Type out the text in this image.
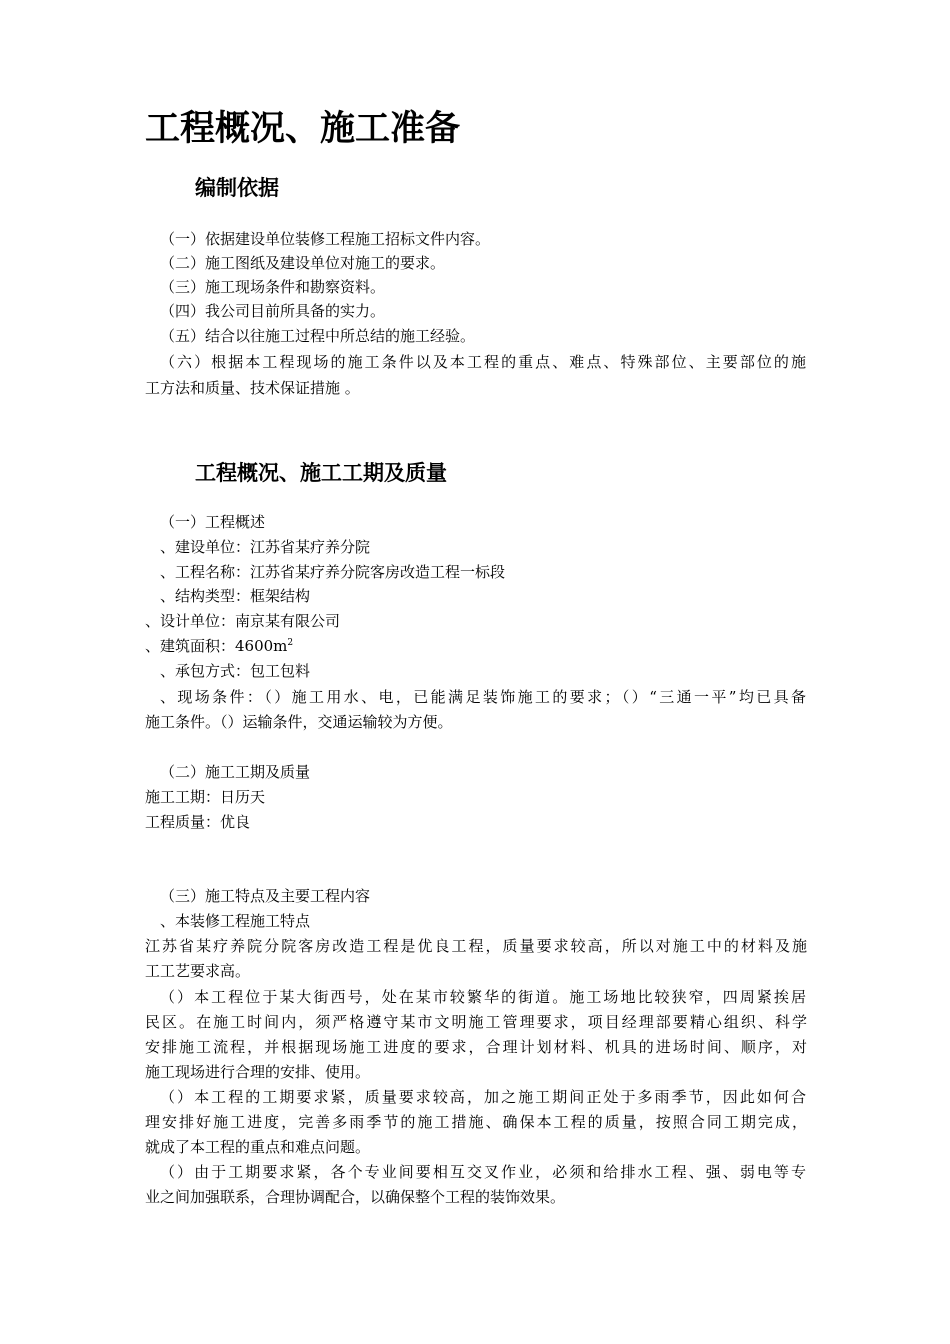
工程概况、施工准备
编制依据

（一）依据建设单位装修工程施工招标文件内容。

（二）施工图纸及建设单位对施工的要求。

（三）施工现场条件和勘察资料。

（四）我公司目前所具备的实力。

（五）结合以往施工过程中所总结的施工经验。

（六）根据本工程现场的施工条件以及本工程的重点、难点、特殊部位、主要部位的施

工方法和质量、技术保证措施 。

工程概况、施工工期及质量

（一）工程概述

、建设单位：江苏省某疗养分院

、工程名称：江苏省某疗养分院客房改造工程一标段

、结构类型：框架结构

、设计单位：南京某有限公司

、建筑面积：$4600m^2$

、承包方式：包工包料

、现场条件：（）施工用水、电，已能满足装饰施工的要求；（）“三通一平”均已具备

施工条件。（）运输条件，交通运输较为方便。

（二）施工工期及质量

施工工期：日历天

工程质量：优良

（三）施工特点及主要工程内容

、本装修工程施工特点

江苏省某疗养院分院客房改造工程是优良工程，质量要求较高，所以对施工中的材料及施

工工艺要求高。

（）本工程位于某大街西号，处在某市较繁华的街道。施工场地比较狭窄，四周紧挨居

民区。在施工时间内，须严格遵守某市文明施工管理要求，项目经理部要精心组织、科学

安排施工流程，并根据现场施工进度的要求，合理计划材料、机具的进场时间、顺序，对

施工现场进行合理的安排、使用。

（）本工程的工期要求紧，质量要求较高，加之施工期间正处于多雨季节，因此如何合

理安排好施工进度，完善多雨季节的施工措施、确保本工程的质量，按照合同工期完成，

就成了本工程的重点和难点问题。

（）由于工期要求紧，各个专业间要相互交叉作业，必须和给排水工程、强、弱电等专

业之间加强联系，合理协调配合，以确保整个工程的装饰效果。
